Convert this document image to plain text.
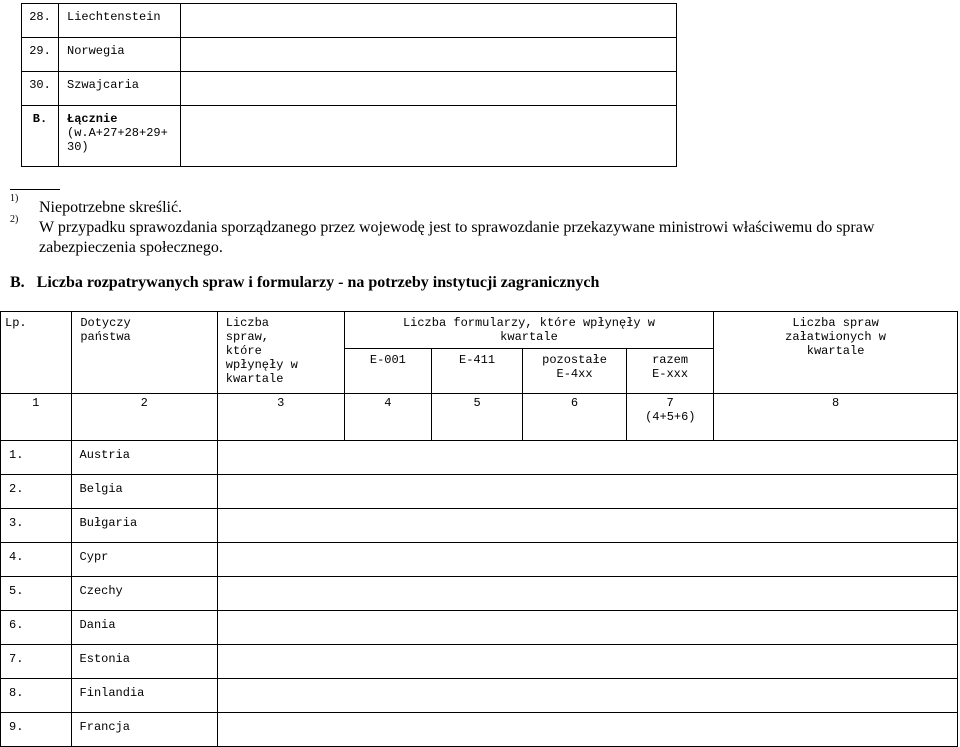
28.	Liechtenstein	
29.	Norwegia	
30.	Szwajcaria	
B.	Łącznie
(w.A+27+28+29+30)	

1)
Niepotrzebne skreślić.
2) W przypadku sprawozdania sporządzanego przez wojewodę jest to sprawozdanie przekazywane ministrowi właściwemu do spraw
zabezpieczenia społecznego.
B. Liczba rozpatrywanych spraw i formularzy - na potrzeby instytucji zagranicznych
Lp.	Dotyczy państwa	Liczba spraw, które wpłynęły w kwartale	Liczba formularzy, które wpłynęły w kwartale				Liczba spraw załatwionych w kwartale

			E-001	E-411	pozostałe E-4xx	razem E-xxx	

1	2	3	4	5	6	7 (4+5+6)	8
1.	Austria						
2.	Belgia						
3.	Bułgaria						
4.	Cypr						
5.	Czechy						
6.	Dania						
7.	Estonia						
8.	Finlandia						
9.	Francja						
